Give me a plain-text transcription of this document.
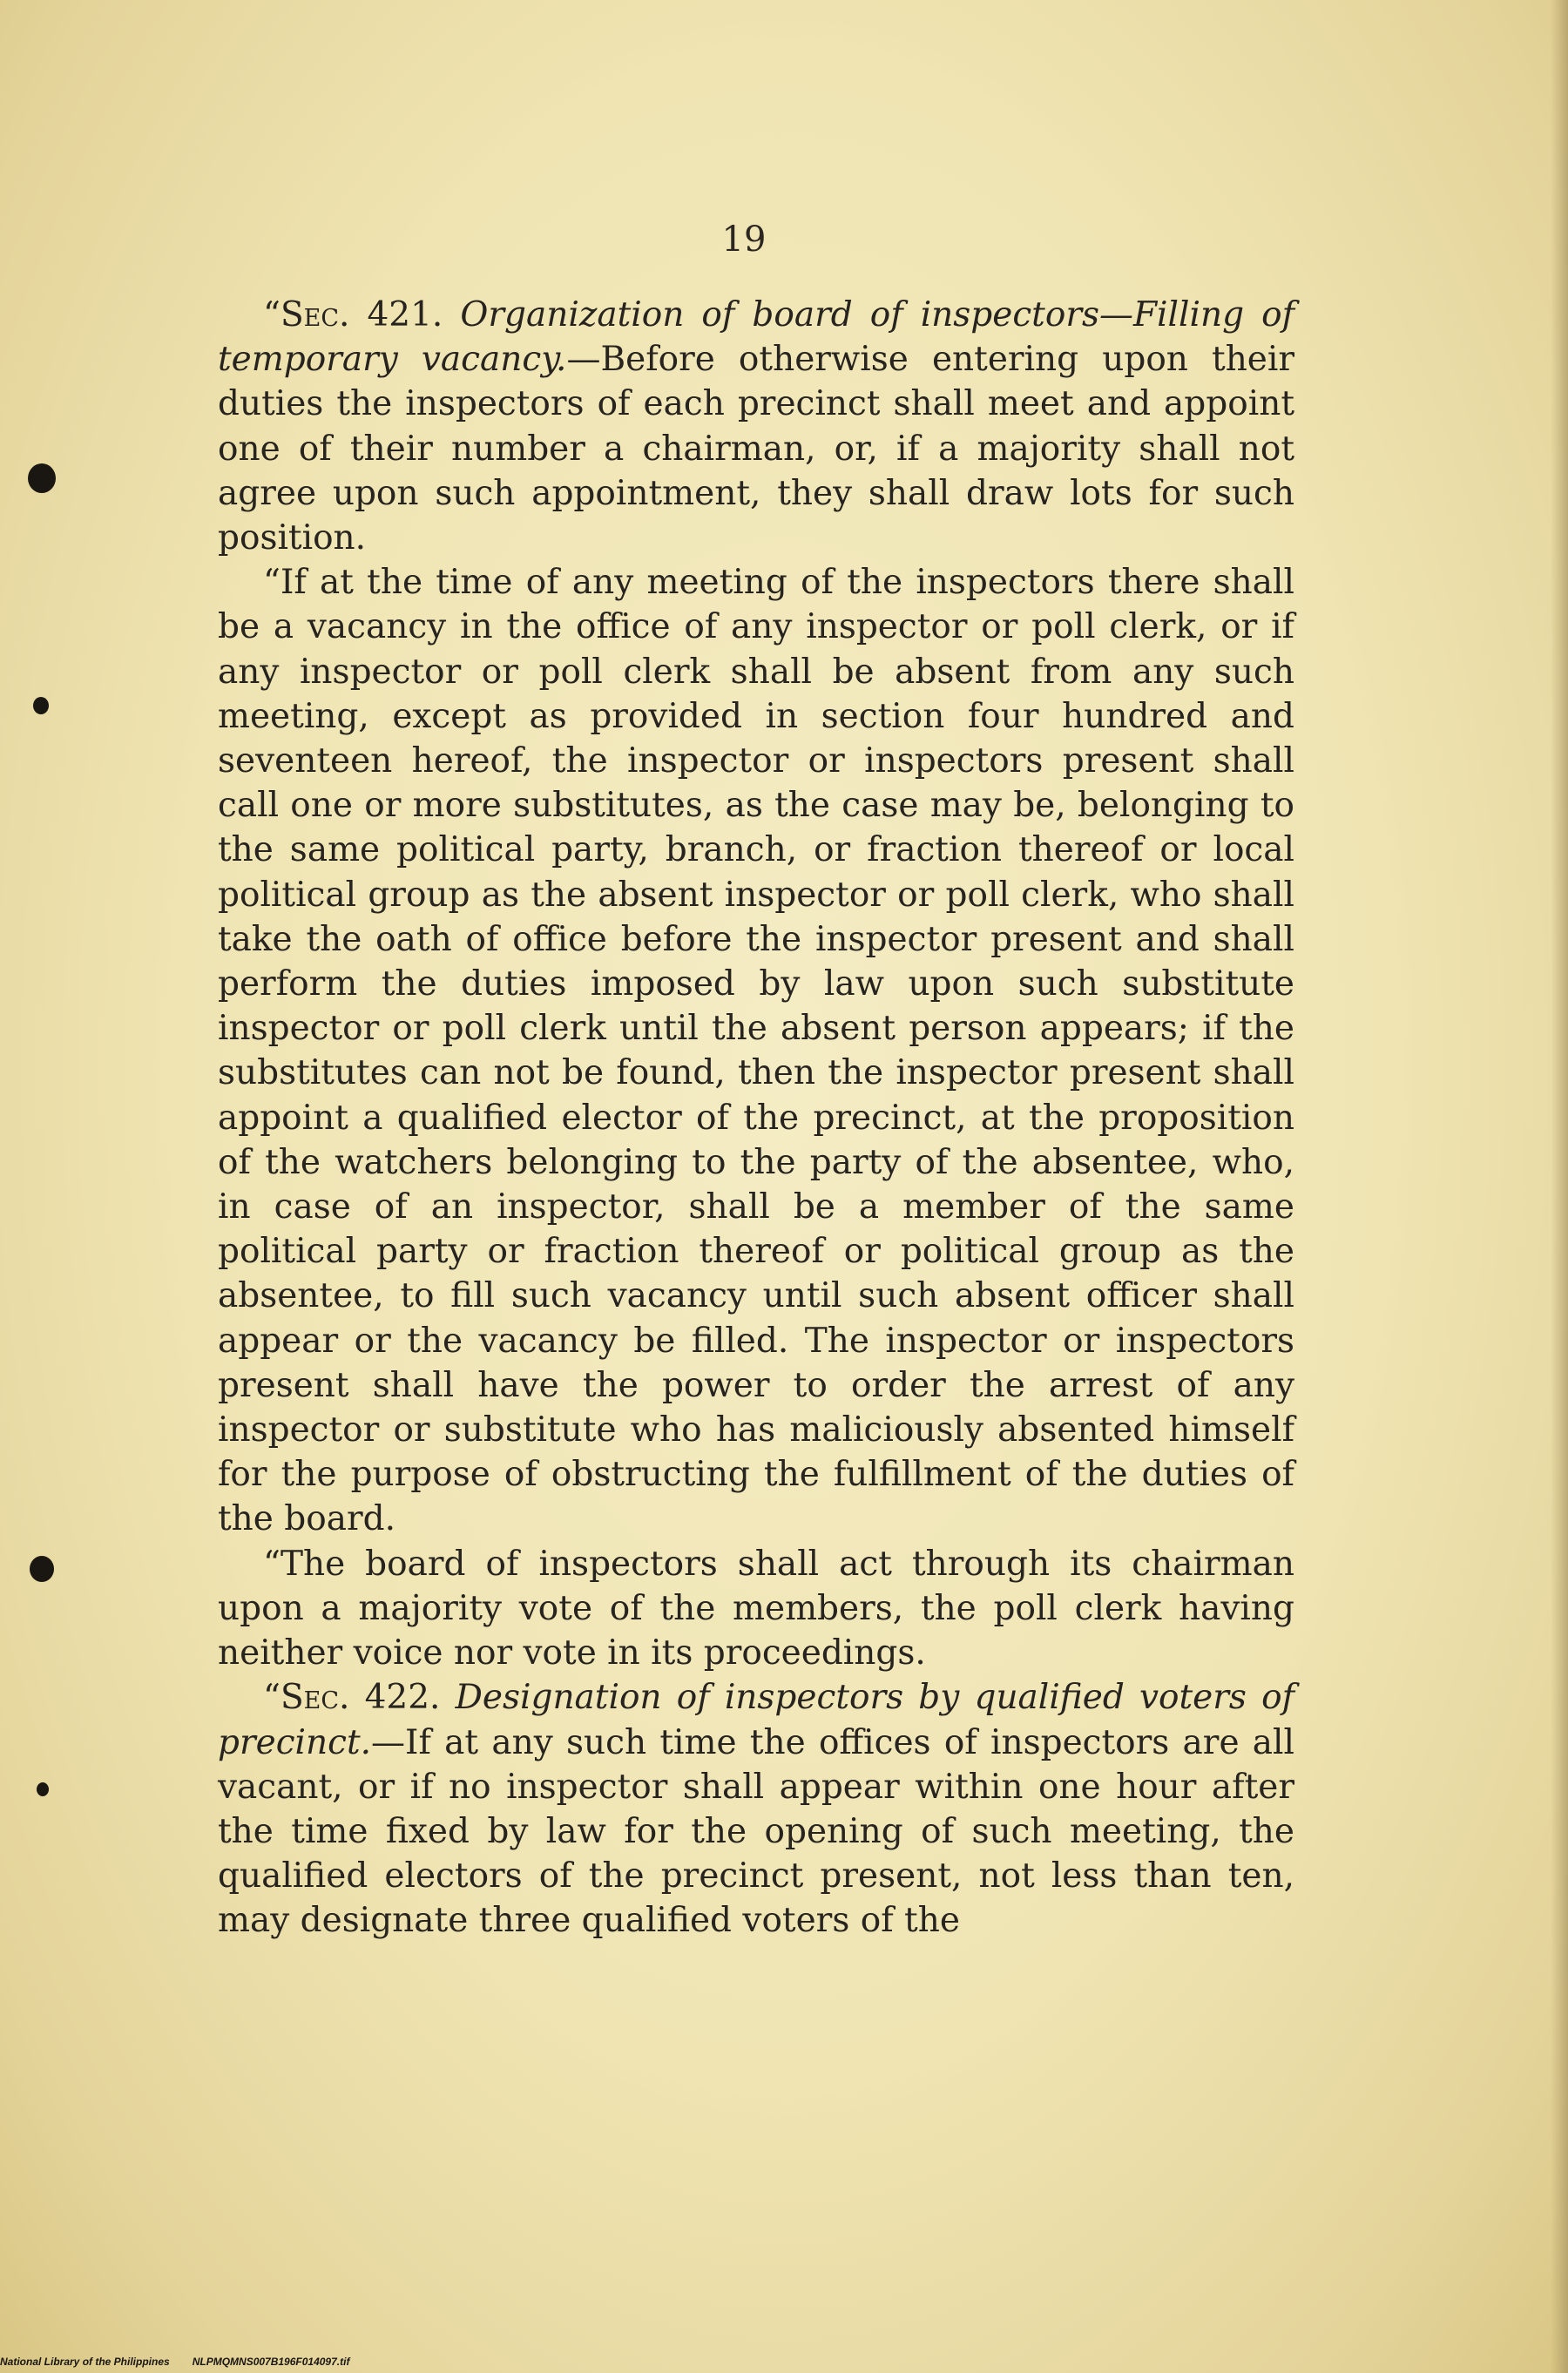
19

“Sec. 421. Organization of board of inspectors—Filling of temporary vacancy.—Before otherwise entering upon their duties the inspectors of each precinct shall meet and appoint one of their number a chairman, or, if a majority shall not agree upon such appointment, they shall draw lots for such position.

“If at the time of any meeting of the inspectors there shall be a vacancy in the office of any inspector or poll clerk, or if any inspector or poll clerk shall be absent from any such meeting, except as provided in section four hundred and seventeen hereof, the inspector or inspectors present shall call one or more substitutes, as the case may be, belonging to the same political party, branch, or fraction thereof or local political group as the absent inspector or poll clerk, who shall take the oath of office before the inspector present and shall perform the duties imposed by law upon such substitute inspector or poll clerk until the absent person appears; if the substitutes can not be found, then the inspector present shall appoint a qualified elector of the precinct, at the proposition of the watchers belonging to the party of the absentee, who, in case of an inspector, shall be a member of the same political party or fraction thereof or political group as the absentee, to fill such vacancy until such absent officer shall appear or the vacancy be filled. The inspector or inspectors present shall have the power to order the arrest of any inspector or substitute who has maliciously absented himself for the purpose of obstructing the fulfillment of the duties of the board.

“The board of inspectors shall act through its chairman upon a majority vote of the members, the poll clerk having neither voice nor vote in its proceedings.

“Sec. 422. Designation of inspectors by qualified voters of precinct.—If at any such time the offices of inspectors are all vacant, or if no inspector shall appear within one hour after the time fixed by law for the opening of such meeting, the qualified electors of the precinct present, not less than ten, may designate three qualified voters of the

National Library of the Philippines NLPMQMNS007B196F014097.tif
